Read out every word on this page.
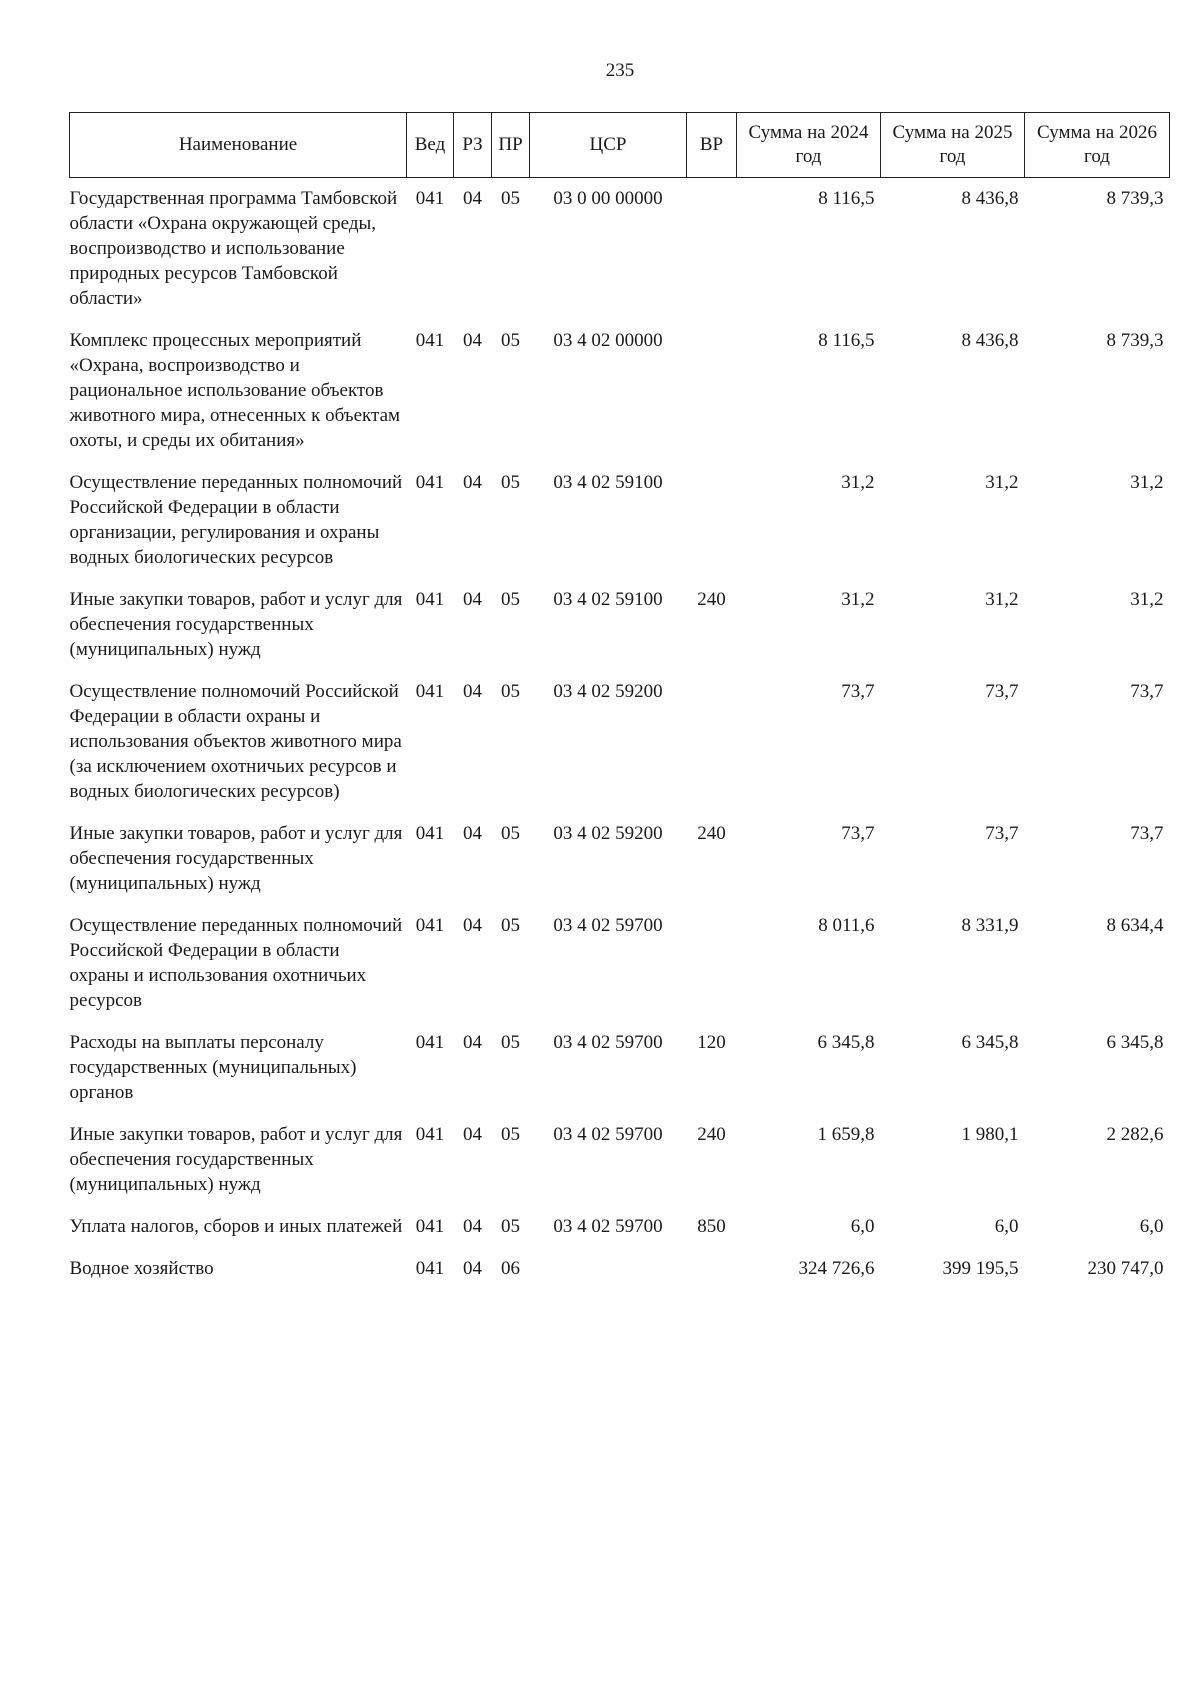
235
Наименование	Вед	РЗ	ПР	ЦСР	ВР	Сумма на 2024 год	Сумма на 2025 год	Сумма на 2026 год
Государственная программа Тамбовской области «Охрана окружающей среды, воспроизводство и использование природных ресурсов Тамбовской области»	041	04	05	03 0 00 00000		8 116,5	8 436,8	8 739,3
Комплекс процессных мероприятий «Охрана, воспроизводство и рациональное использование объектов животного мира, отнесенных к объектам охоты, и среды их обитания»	041	04	05	03 4 02 00000		8 116,5	8 436,8	8 739,3
Осуществление переданных полномочий Российской Федерации в области организации, регулирования и охраны водных биологических ресурсов	041	04	05	03 4 02 59100		31,2	31,2	31,2
Иные закупки товаров, работ и услуг для обеспечения государственных (муниципальных) нужд	041	04	05	03 4 02 59100	240	31,2	31,2	31,2
Осуществление полномочий Российской Федерации в области охраны и использования объектов животного мира (за исключением охотничьих ресурсов и водных биологических ресурсов)	041	04	05	03 4 02 59200		73,7	73,7	73,7
Иные закупки товаров, работ и услуг для обеспечения государственных (муниципальных) нужд	041	04	05	03 4 02 59200	240	73,7	73,7	73,7
Осуществление переданных полномочий Российской Федерации в области охраны и использования охотничьих ресурсов	041	04	05	03 4 02 59700		8 011,6	8 331,9	8 634,4
Расходы на выплаты персоналу государственных (муниципальных) органов	041	04	05	03 4 02 59700	120	6 345,8	6 345,8	6 345,8
Иные закупки товаров, работ и услуг для обеспечения государственных (муниципальных) нужд	041	04	05	03 4 02 59700	240	1 659,8	1 980,1	2 282,6
Уплата налогов, сборов и иных платежей	041	04	05	03 4 02 59700	850	6,0	6,0	6,0
Водное хозяйство	041	04	06			324 726,6	399 195,5	230 747,0
